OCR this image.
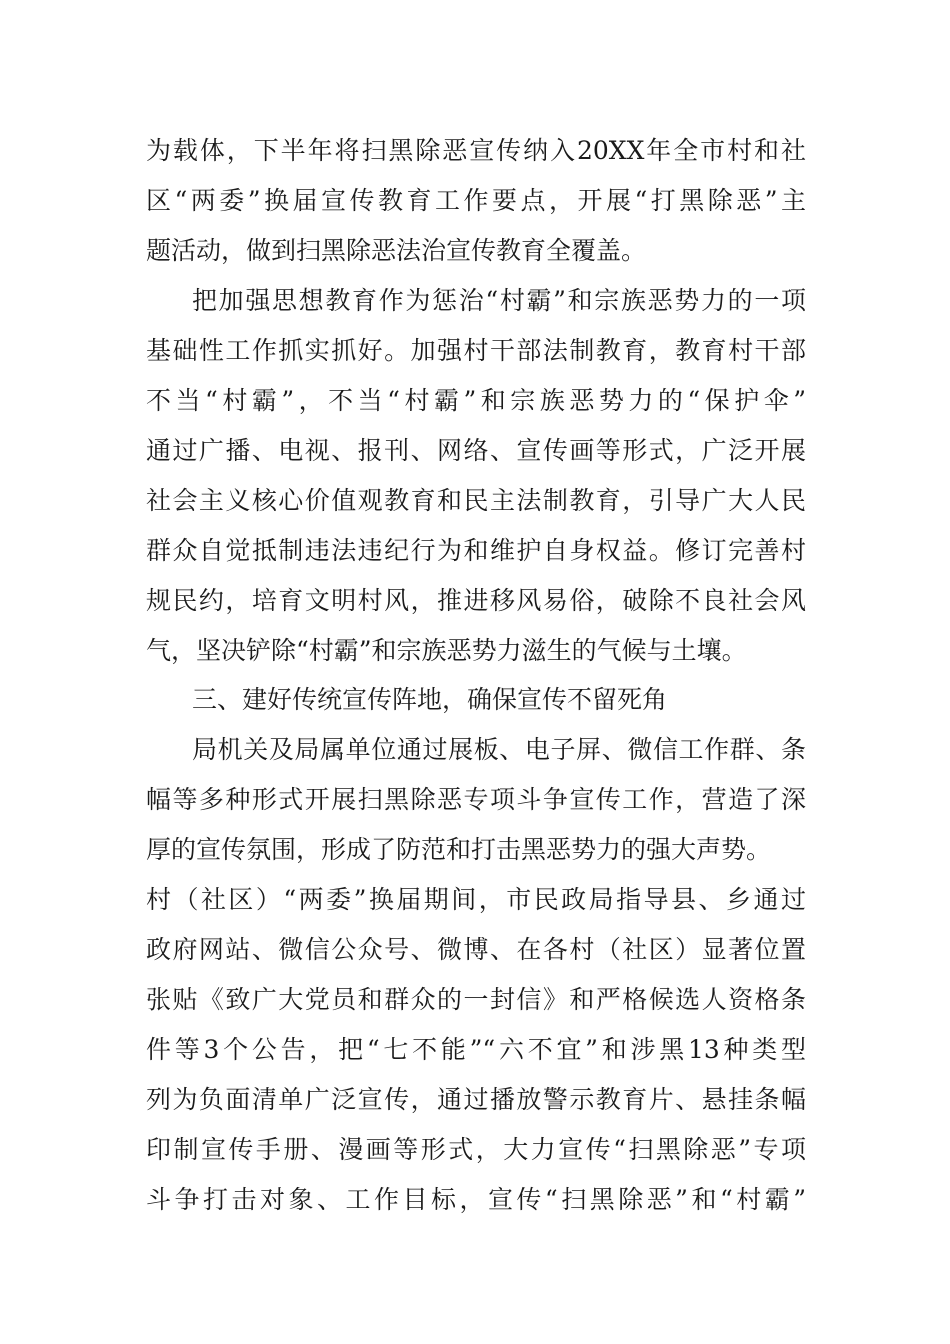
为载体，下半年将扫黑除恶宣传纳入20XX年全市村和社
区“两委”换届宣传教育工作要点，开展“打黑除恶”主
题活动，做到扫黑除恶法治宣传教育全覆盖。
把加强思想教育作为惩治“村霸”和宗族恶势力的一项
基础性工作抓实抓好。加强村干部法制教育，教育村干部
不当“村霸”，不当“村霸”和宗族恶势力的“保护伞”
通过广播、电视、报刊、网络、宣传画等形式，广泛开展
社会主义核心价值观教育和民主法制教育，引导广大人民
群众自觉抵制违法违纪行为和维护自身权益。修订完善村
规民约，培育文明村风，推进移风易俗，破除不良社会风
气，坚决铲除“村霸”和宗族恶势力滋生的气候与土壤。
三、建好传统宣传阵地，确保宣传不留死角
局机关及局属单位通过展板、电子屏、微信工作群、条
幅等多种形式开展扫黑除恶专项斗争宣传工作，营造了深
厚的宣传氛围，形成了防范和打击黑恶势力的强大声势。
村（社区）“两委”换届期间，市民政局指导县、乡通过
政府网站、微信公众号、微博、在各村（社区）显著位置
张贴《致广大党员和群众的一封信》和严格候选人资格条
件等3个公告，把“七不能”“六不宜”和涉黑13种类型
列为负面清单广泛宣传，通过播放警示教育片、悬挂条幅
印制宣传手册、漫画等形式，大力宣传“扫黑除恶”专项
斗争打击对象、工作目标，宣传“扫黑除恶”和“村霸”
